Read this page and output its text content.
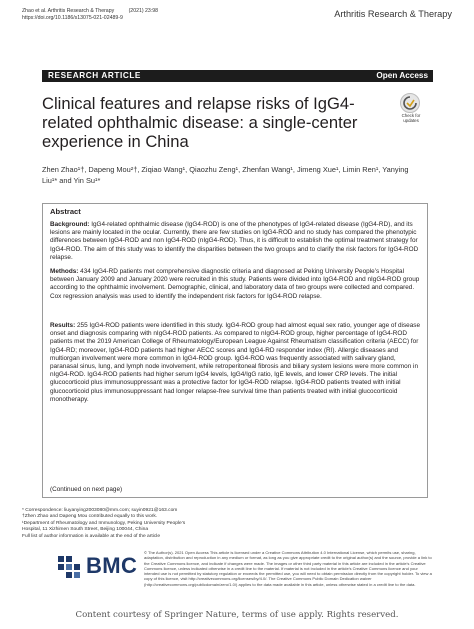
Zhao et al. Arthritis Research & Therapy          (2021) 23:98
https://doi.org/10.1186/s13075-021-02489-9	Arthritis Research & Therapy
RESEARCH ARTICLE	Open Access
Clinical features and relapse risks of IgG4-related ophthalmic disease: a single-center experience in China
Check for
updates
Zhen Zhao¹†, Dapeng Mou²†, Ziqiao Wang¹, Qiaozhu Zeng¹, Zhenfan Wang¹, Jimeng Xue¹, Limin Ren¹, Yanying Liu¹* and Yin Su¹*
Abstract
Background: IgG4-related ophthalmic disease (IgG4-ROD) is one of the phenotypes of IgG4-related disease (IgG4-RD), and its lesions are mainly located in the ocular. Currently, there are few studies on IgG4-ROD and no study has compared the phenotypic differences between IgG4-ROD and non IgG4-ROD (nIgG4-ROD). Thus, it is difficult to establish the optimal treatment strategy for IgG4-ROD. The aim of this study was to identify the disparities between the two groups and to clarify the risk factors for IgG4-ROD relapse.
Methods: 434 IgG4-RD patients met comprehensive diagnostic criteria and diagnosed at Peking University People’s Hospital between January 2009 and January 2020 were recruited in this study. Patients were divided into IgG4-ROD and nIgG4-ROD group according to the ophthalmic involvement. Demographic, clinical, and laboratory data of two groups were collected and compared. Cox regression analysis was used to identify the independent risk factors for IgG4-ROD relapse.
Results: 255 IgG4-ROD patients were identified in this study. IgG4-ROD group had almost equal sex ratio, younger age of disease onset and diagnosis comparing with nIgG4-ROD patients. As compared to nIgG4-ROD group, higher percentage of IgG4-ROD patients met the 2019 American College of Rheumatology/European League Against Rheumatism classification criteria (AECC) for IgG4-RD; moreover, IgG4-ROD patients had higher AECC scores and IgG4-RD responder index (RI). Allergic diseases and multiorgan involvement were more common in IgG4-ROD group. IgG4-ROD was frequently associated with salivary gland, paranasal sinus, lung, and lymph node involvement, while retroperitoneal fibrosis and biliary system lesions were more common in nIgG4-ROD. IgG4-ROD patients had higher serum IgG4 levels, IgG4/IgG ratio, IgE levels, and lower CRP levels. The initial glucocorticoid plus immunosuppressant was a protective factor for IgG4-ROD relapse. IgG4-ROD patients treated with initial glucocorticoid plus immunosuppressant had longer relapse-free survival time than patients treated with initial glucocorticoid monotherapy.
(Continued on next page)
* Correspondence: liuyanying2003080@mm.com; suyin0921@163.com
†Zhen Zhao and Dapeng Mou contributed equally to this work.
¹Department of Rheumatology and Immunology, Peking University People’s
Hospital, 11 Xizhimen South Street, Beijing 100044, China
Full list of author information is available at the end of the article
BMC
© The Author(s). 2021 Open Access This article is licensed under a Creative Commons Attribution 4.0 International License, which permits use, sharing, adaptation, distribution and reproduction in any medium or format, as long as you give appropriate credit to the original author(s) and the source, provide a link to the Creative Commons licence, and indicate if changes were made. The images or other third party material in this article are included in the article's Creative Commons licence, unless indicated otherwise in a credit line to the material. If material is not included in the article's Creative Commons licence and your intended use is not permitted by statutory regulation or exceeds the permitted use, you will need to obtain permission directly from the copyright holder. To view a copy of this licence, visit http://creativecommons.org/licenses/by/4.0/. The Creative Commons Public Domain Dedication waiver (http://creativecommons.org/publicdomain/zero/1.0/) applies to the data made available in this article, unless otherwise stated in a credit line to the data.
Content courtesy of Springer Nature, terms of use apply. Rights reserved.
